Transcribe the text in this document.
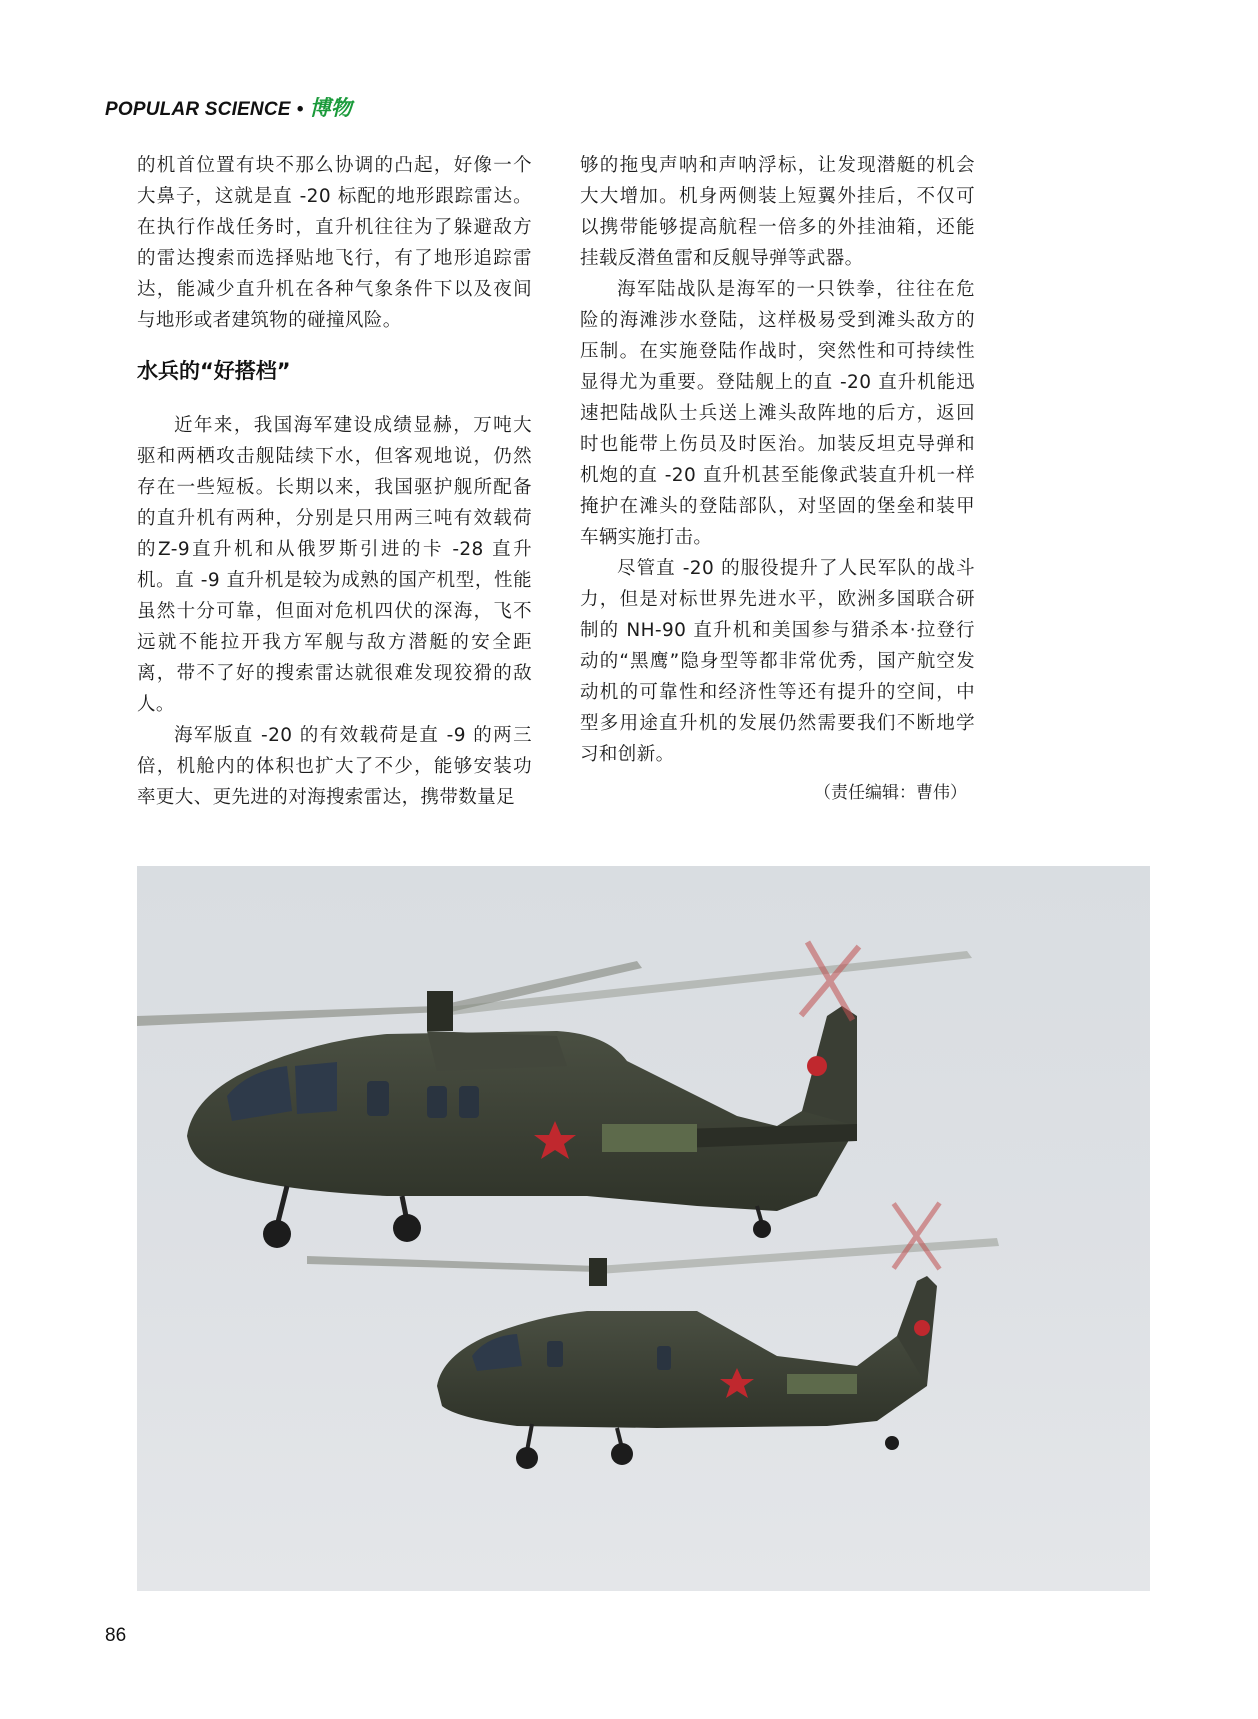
POPULAR SCIENCE • 博物

的机首位置有块不那么协调的凸起，好像一个大鼻子，这就是直 -20 标配的地形跟踪雷达。在执行作战任务时，直升机往往为了躲避敌方的雷达搜索而选择贴地飞行，有了地形追踪雷达，能减少直升机在各种气象条件下以及夜间与地形或者建筑物的碰撞风险。

水兵的“好搭档”

近年来，我国海军建设成绩显赫，万吨大驱和两栖攻击舰陆续下水，但客观地说，仍然存在一些短板。长期以来，我国驱护舰所配备的直升机有两种，分别是只用两三吨有效载荷的Z-9直升机和从俄罗斯引进的卡 -28 直升机。直 -9 直升机是较为成熟的国产机型，性能虽然十分可靠，但面对危机四伏的深海，飞不远就不能拉开我方军舰与敌方潜艇的安全距离，带不了好的搜索雷达就很难发现狡猾的敌人。

海军版直 -20 的有效载荷是直 -9 的两三倍，机舱内的体积也扩大了不少，能够安装功率更大、更先进的对海搜索雷达，携带数量足

够的拖曳声呐和声呐浮标，让发现潜艇的机会大大增加。机身两侧装上短翼外挂后，不仅可以携带能够提高航程一倍多的外挂油箱，还能挂载反潜鱼雷和反舰导弹等武器。

海军陆战队是海军的一只铁拳，往往在危险的海滩涉水登陆，这样极易受到滩头敌方的压制。在实施登陆作战时，突然性和可持续性显得尤为重要。登陆舰上的直 -20 直升机能迅速把陆战队士兵送上滩头敌阵地的后方，返回时也能带上伤员及时医治。加装反坦克导弹和机炮的直 -20 直升机甚至能像武装直升机一样掩护在滩头的登陆部队，对坚固的堡垒和装甲车辆实施打击。

尽管直 -20 的服役提升了人民军队的战斗力，但是对标世界先进水平，欧洲多国联合研制的 NH-90 直升机和美国参与猎杀本·拉登行动的“黑鹰”隐身型等都非常优秀，国产航空发动机的可靠性和经济性等还有提升的空间，中型多用途直升机的发展仍然需要我们不断地学习和创新。

（责任编辑：曹伟）
86
